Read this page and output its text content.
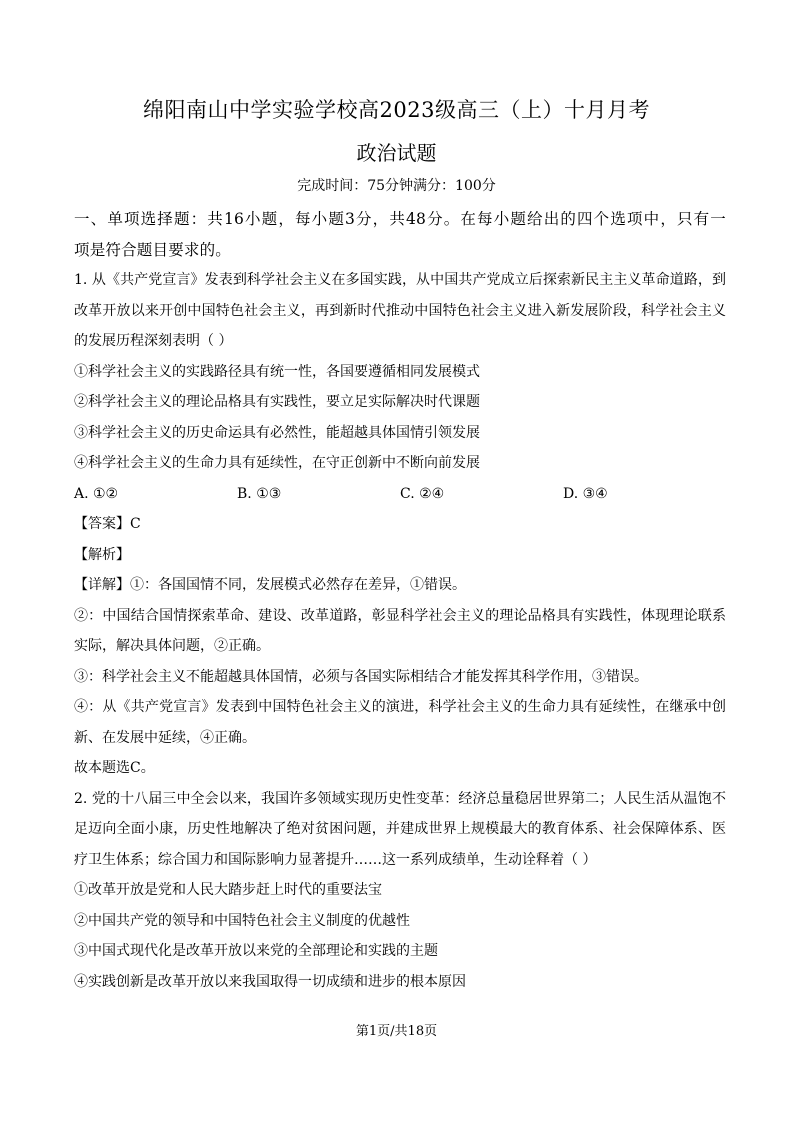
绵阳南山中学实验学校高2023级高三（上）十月月考
政治试题
完成时间：75分钟满分：100分
一、单项选择题：共16小题，每小题3分，共48分。在每小题给出的四个选项中，只有一
项是符合题目要求的。
1. 从《共产党宣言》发表到科学社会主义在多国实践，从中国共产党成立后探索新民主主义革命道路，到
改革开放以来开创中国特色社会主义，再到新时代推动中国特色社会主义进入新发展阶段，科学社会主义
的发展历程深刻表明（ ）
①科学社会主义的实践路径具有统一性，各国要遵循相同发展模式
②科学社会主义的理论品格具有实践性，要立足实际解决时代课题
③科学社会主义的历史命运具有必然性，能超越具体国情引领发展
④科学社会主义的生命力具有延续性，在守正创新中不断向前发展
A. ①②	B. ①③	C. ②④	D. ③④
【答案】C
【解析】
【详解】①：各国国情不同，发展模式必然存在差异，①错误。
②：中国结合国情探索革命、建设、改革道路，彰显科学社会主义的理论品格具有实践性，体现理论联系
实际，解决具体问题，②正确。
③：科学社会主义不能超越具体国情，必须与各国实际相结合才能发挥其科学作用，③错误。
④：从《共产党宣言》发表到中国特色社会主义的演进，科学社会主义的生命力具有延续性，在继承中创
新、在发展中延续，④正确。
故本题选C。
2. 党的十八届三中全会以来，我国许多领域实现历史性变革：经济总量稳居世界第二；人民生活从温饱不
足迈向全面小康，历史性地解决了绝对贫困问题，并建成世界上规模最大的教育体系、社会保障体系、医
疗卫生体系；综合国力和国际影响力显著提升……这一系列成绩单，生动诠释着（ ）
①改革开放是党和人民大踏步赶上时代的重要法宝
②中国共产党的领导和中国特色社会主义制度的优越性
③中国式现代化是改革开放以来党的全部理论和实践的主题
④实践创新是改革开放以来我国取得一切成绩和进步的根本原因
第1页/共18页
